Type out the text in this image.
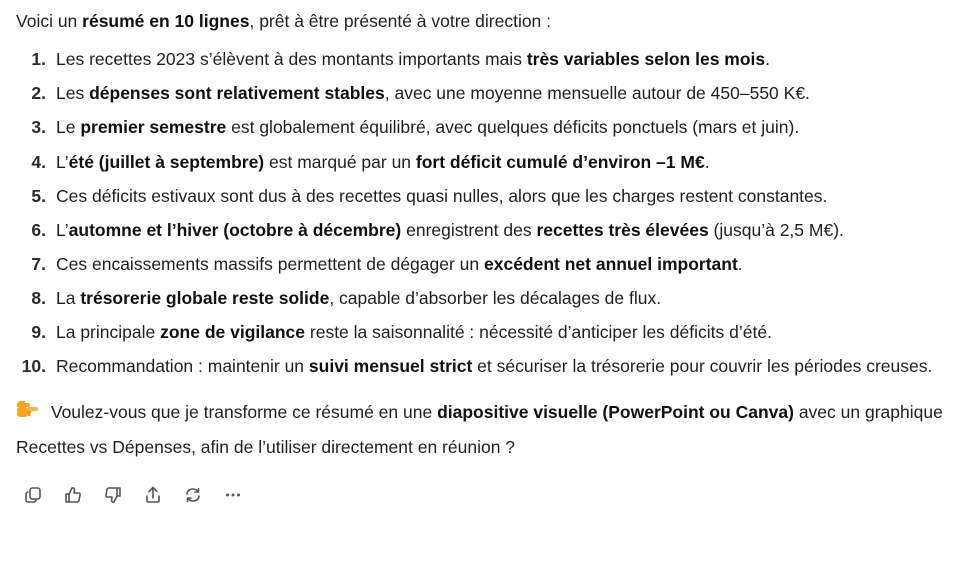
Voici un résumé en 10 lignes, prêt à être présenté à votre direction :

1. Les recettes 2023 s’élèvent à des montants importants mais très variables selon les mois.
2. Les dépenses sont relativement stables, avec une moyenne mensuelle autour de 450–550 K€.
3. Le premier semestre est globalement équilibré, avec quelques déficits ponctuels (mars et juin).
4. L’été (juillet à septembre) est marqué par un fort déficit cumulé d’environ –1 M€.
5. Ces déficits estivaux sont dus à des recettes quasi nulles, alors que les charges restent constantes.
6. L’automne et l’hiver (octobre à décembre) enregistrent des recettes très élevées (jusqu’à 2,5 M€).
7. Ces encaissements massifs permettent de dégager un excédent net annuel important.
8. La trésorerie globale reste solide, capable d’absorber les décalages de flux.
9. La principale zone de vigilance reste la saisonnalité : nécessité d’anticiper les déficits d’été.
10. Recommandation : maintenir un suivi mensuel strict et sécuriser la trésorerie pour couvrir les périodes creuses.

Voulez-vous que je transforme ce résumé en une diapositive visuelle (PowerPoint ou Canva) avec un graphique Recettes vs Dépenses, afin de l’utiliser directement en réunion ?
